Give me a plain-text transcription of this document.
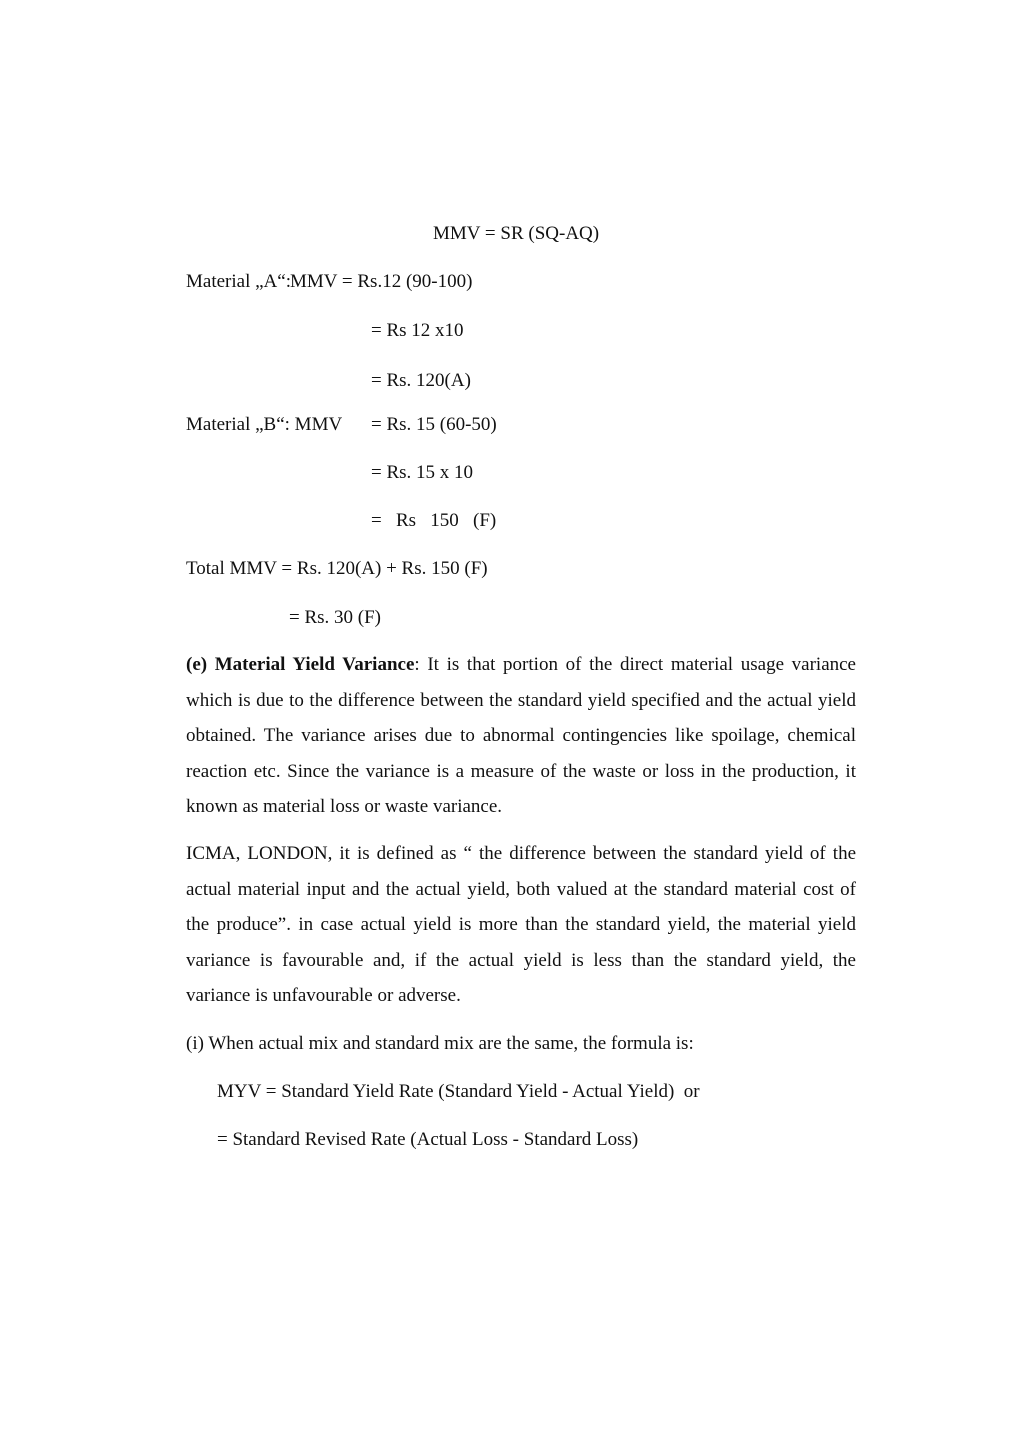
MMV = SR (SQ-AQ)
Material „A“: MMV = Rs.12 (90-100)
= Rs 12 x10
= Rs. 120(A)
Material „B“: MMV = Rs. 15 (60-50)
= Rs. 15 x 10
=   Rs   150   (F)
Total MMV = Rs. 120(A) + Rs. 150 (F)
= Rs. 30 (F)
(e) Material Yield Variance: It is that portion of the direct material usage variance which is due to the difference between the standard yield specified and the actual yield obtained. The variance arises due to abnormal contingencies like spoilage, chemical reaction etc. Since the variance is a measure of the waste or loss in the production, it known as material loss or waste variance.
ICMA, LONDON, it is defined as “ the difference between the standard yield of the actual material input and the actual yield, both valued at the standard material cost of the produce”. in case actual yield is more than the standard yield, the material yield variance is favourable and, if the actual yield is less than the standard yield, the variance is unfavourable or adverse.
(i) When actual mix and standard mix are the same, the formula is:
MYV = Standard Yield Rate (Standard Yield - Actual Yield)  or
= Standard Revised Rate (Actual Loss - Standard Loss)
